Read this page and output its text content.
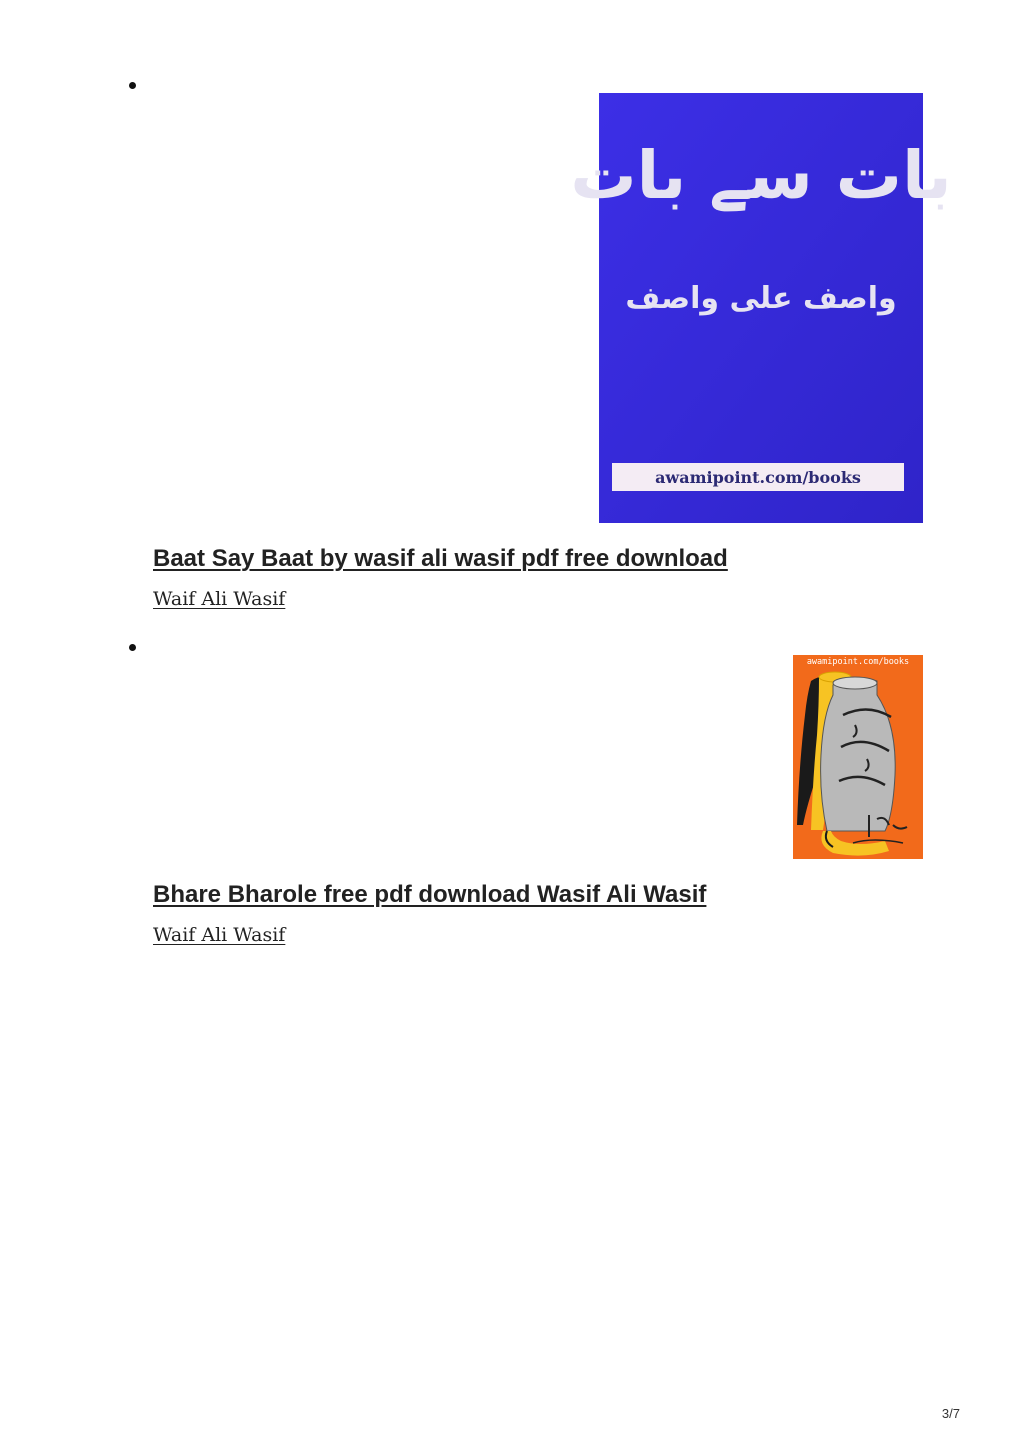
بات سے بات
واصف علی واصف
awamipoint.com/books
Baat Say Baat by wasif ali wasif pdf free download
Waif Ali Wasif
awamipoint.com/books
Bhare Bharole free pdf download Wasif Ali Wasif
Waif Ali Wasif
3/7
